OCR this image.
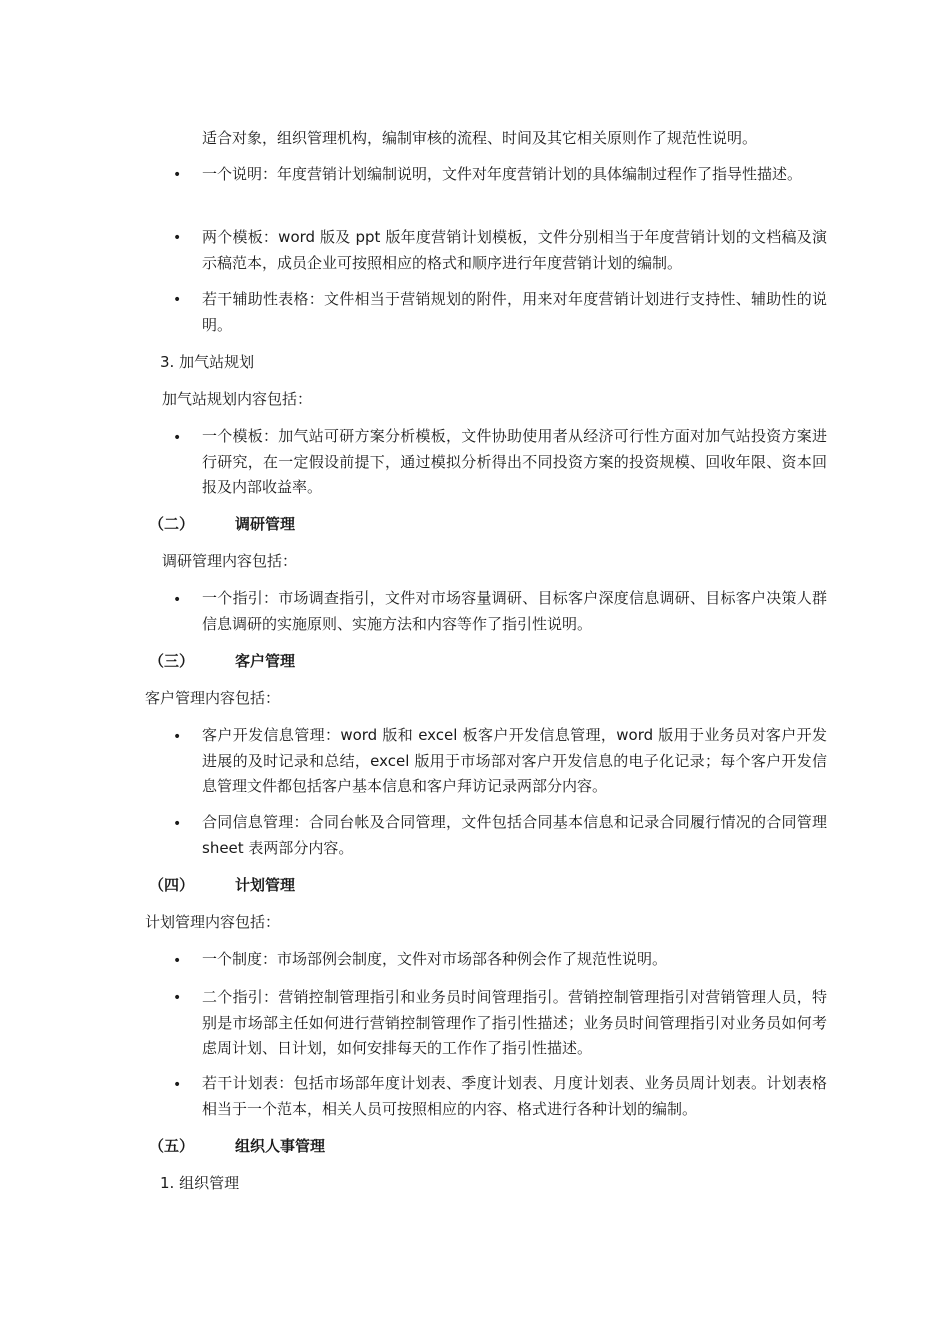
适合对象，组织管理机构，编制审核的流程、时间及其它相关原则作了规范性说明。
• 一个说明：年度营销计划编制说明，文件对年度营销计划的具体编制过程作了指导性描述。
• 两个模板：word 版及 ppt 版年度营销计划模板，文件分别相当于年度营销计划的文档稿及演示稿范本，成员企业可按照相应的格式和顺序进行年度营销计划的编制。
• 若干辅助性表格：文件相当于营销规划的附件，用来对年度营销计划进行支持性、辅助性的说明。
3. 加气站规划
加气站规划内容包括：
• 一个模板：加气站可研方案分析模板，文件协助使用者从经济可行性方面对加气站投资方案进行研究，在一定假设前提下，通过模拟分析得出不同投资方案的投资规模、回收年限、资本回报及内部收益率。
（二）	调研管理
调研管理内容包括：
• 一个指引：市场调查指引，文件对市场容量调研、目标客户深度信息调研、目标客户决策人群信息调研的实施原则、实施方法和内容等作了指引性说明。
（三）	客户管理
客户管理内容包括：
• 客户开发信息管理：word 版和 excel 板客户开发信息管理，word 版用于业务员对客户开发进展的及时记录和总结，excel 版用于市场部对客户开发信息的电子化记录；每个客户开发信息管理文件都包括客户基本信息和客户拜访记录两部分内容。
• 合同信息管理：合同台帐及合同管理，文件包括合同基本信息和记录合同履行情况的合同管理 sheet 表两部分内容。
（四）	计划管理
计划管理内容包括：
• 一个制度：市场部例会制度，文件对市场部各种例会作了规范性说明。
• 二个指引：营销控制管理指引和业务员时间管理指引。营销控制管理指引对营销管理人员，特别是市场部主任如何进行营销控制管理作了指引性描述；业务员时间管理指引对业务员如何考虑周计划、日计划，如何安排每天的工作作了指引性描述。
• 若干计划表：包括市场部年度计划表、季度计划表、月度计划表、业务员周计划表。计划表格相当于一个范本，相关人员可按照相应的内容、格式进行各种计划的编制。
（五）	组织人事管理
1. 组织管理
